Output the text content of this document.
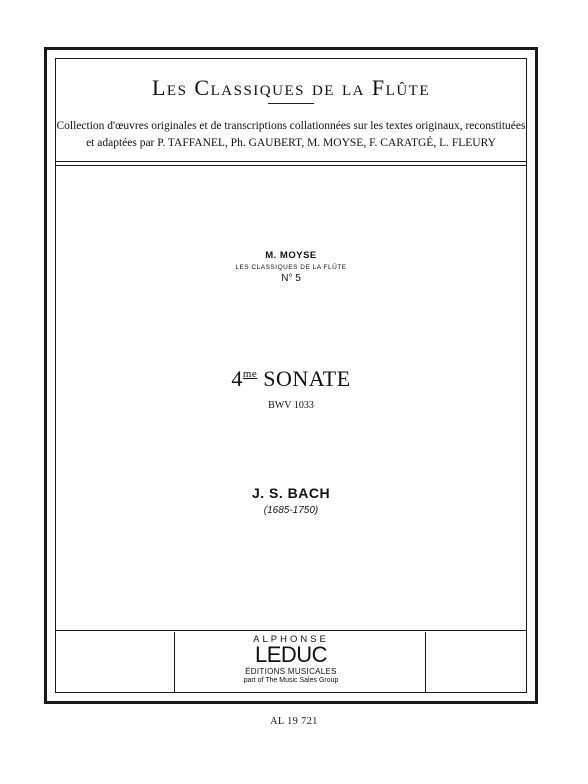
Les Classiques de la Flûte
Collection d'œuvres originales et de transcriptions collationnées sur les textes originaux, reconstituées
et adaptées par P. TAFFANEL, Ph. GAUBERT, M. MOYSE, F. CARATGÉ, L. FLEURY
M. MOYSE
LES CLASSIQUES DE LA FLÛTE
N° 5
$4^{me}$ SONATE
BWV 1033
J. S. BACH
(1685-1750)
ALPHONSE
LEDUC
ÉDITIONS MUSICALES
part of The Music Sales Group
AL 19 721
